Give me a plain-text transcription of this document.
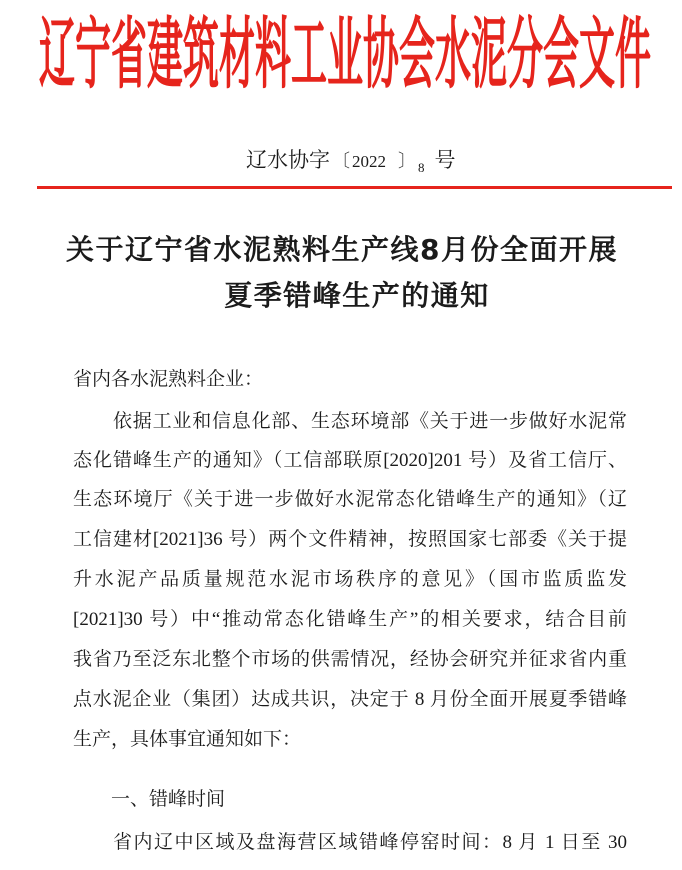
辽宁省建筑材料工业协会水泥分会文件
辽水协字 〔 2022 〕 $_8$ 号
关于辽宁省水泥熟料生产线8月份全面开展
夏季错峰生产的通知
省内各水泥熟料企业：
依据工业和信息化部、生态环境部《关于进一步做好水泥常
态化错峰生产的通知》（工信部联原[2020]201 号）及省工信厅、
生态环境厅《关于进一步做好水泥常态化错峰生产的通知》（辽
工信建材[2021]36 号）两个文件精神，按照国家七部委《关于提
升水泥产品质量规范水泥市场秩序的意见》（国市监质监发
[2021]30 号）中“推动常态化错峰生产”的相关要求，结合目前
我省乃至泛东北整个市场的供需情况，经协会研究并征求省内重
点水泥企业（集团）达成共识，决定于 8 月份全面开展夏季错峰
生产，具体事宜通知如下：
一、错峰时间
省内辽中区域及盘海营区域错峰停窑时间：8 月 1 日至 30
